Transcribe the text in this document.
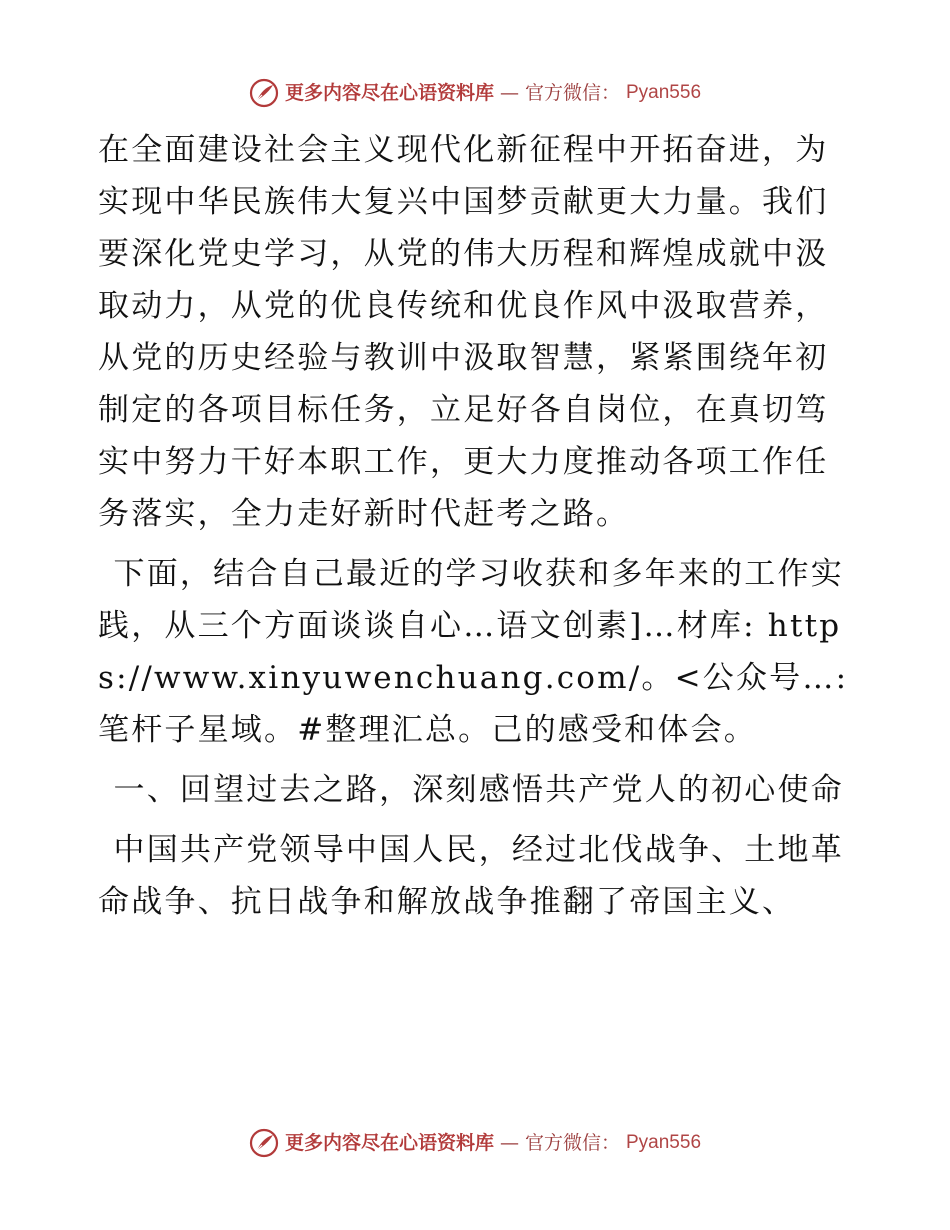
更多内容尽在心语资料库 — 官方微信： Pyan556

在全面建设社会主义现代化新征程中开拓奋进，为实现中华民族伟大复兴中国梦贡献更大力量。我们要深化党史学习，从党的伟大历程和辉煌成就中汲取动力，从党的优良传统和优良作风中汲取营养，从党的历史经验与教训中汲取智慧，紧紧围绕年初制定的各项目标任务，立足好各自岗位，在真切笃实中努力干好本职工作，更大力度推动各项工作任务落实，全力走好新时代赶考之路。

下面，结合自己最近的学习收获和多年来的工作实践，从三个方面谈谈自心…语文创素]…材库: https://www.xinyuwenchuang.com/。<公众号…:笔杆子星域。#整理汇总。己的感受和体会。

一、回望过去之路，深刻感悟共产党人的初心使命

中国共产党领导中国人民，经过北伐战争、土地革命战争、抗日战争和解放战争推翻了帝国主义、

更多内容尽在心语资料库 — 官方微信： Pyan556
